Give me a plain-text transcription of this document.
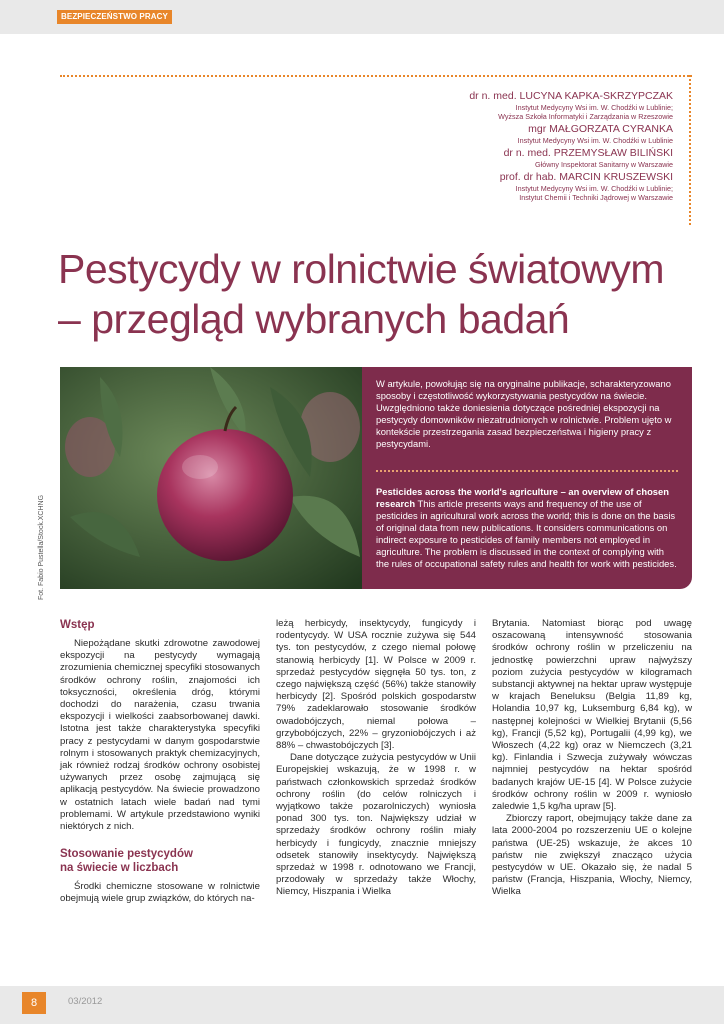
BEZPIECZEŃSTWO PRACY
dr n. med. LUCYNA KAPKA-SKRZYPCZAK
Instytut Medycyny Wsi im. W. Chodźki w Lublinie;
Wyższa Szkoła Informatyki i Zarządzania w Rzeszowie
mgr MAŁGORZATA CYRANKA
Instytut Medycyny Wsi im. W. Chodźki w Lublinie
dr n. med. PRZEMYSŁAW BILIŃSKI
Główny Inspektorat Sanitarny w Warszawie
prof. dr hab. MARCIN KRUSZEWSKI
Instytut Medycyny Wsi im. W. Chodźki w Lublinie;
Instytut Chemii i Techniki Jądrowej w Warszawie
Pestycydy w rolnictwie światowym
– przegląd wybranych badań
Fot. Fabio Pustella/Stock.XCHNG
W artykule, powołując się na oryginalne publikacje, scharakteryzowano sposoby i częstotliwość wykorzystywania pestycydów na świecie. Uwzględniono także doniesienia dotyczące pośredniej ekspozycji na pestycydy domowników niezatrudnionych w rolnictwie. Problem ujęto w kontekście przestrzegania zasad bezpieczeństwa i higieny pracy z pestycydami.
Pesticides across the world's agriculture – an overview of chosen research This article presents ways and frequency of the use of pesticides in agricultural work across the world; this is done on the basis of original data from new publications. It considers communications on indirect exposure to pesticides of family members not employed in agriculture. The problem is discussed in the context of complying with the rules of occupational safety rules and health for work with pesticides.
Wstęp

Niepożądane skutki zdrowotne zawodowej ekspozycji na pestycydy wymagają zrozumienia chemicznej specyfiki stosowanych środków ochrony roślin, znajomości ich toksyczności, określenia dróg, którymi dochodzi do narażenia, czasu trwania ekspozycji i wielkości zaabsorbowanej dawki. Istotna jest także charakterystyka specyfiki pracy z pestycydami w danym gospodarstwie rolnym i stosowanych praktyk chemizacyjnych, jak również rodzaj środków ochrony osobistej używanych przez osobę zajmującą się aplikacją pestycydów. Na świecie prowadzono w ostatnich latach wiele badań nad tymi problemami. W artykule przedstawiono wyniki niektórych z nich.

Stosowanie pestycydów
na świecie w liczbach

Środki chemiczne stosowane w rolnictwie obejmują wiele grup związków, do których na-

leżą herbicydy, insektycydy, fungicydy i rodentycydy. W USA rocznie zużywa się 544 tys. ton pestycydów, z czego niemal połowę stanowią herbicydy [1]. W Polsce w 2009 r. sprzedaż pestycydów sięgnęła 50 tys. ton, z czego największą część (56%) także stanowiły herbicydy [2]. Spośród polskich gospodarstw 79% zadeklarowało stosowanie środków owadobójczych, niemal połowa – grzybobójczych, 22% – gryzoniobójczych i aż 88% – chwastobójczych [3].

Dane dotyczące zużycia pestycydów w Unii Europejskiej wskazują, że w 1998 r. w państwach członkowskich sprzedaż środków ochrony roślin (do celów rolniczych i wyjątkowo także pozarolniczych) wyniosła ponad 300 tys. ton. Największy udział w sprzedaży środków ochrony roślin miały herbicydy i fungicydy, znacznie mniejszy odsetek stanowiły insektycydy. Największą sprzedaż w 1998 r. odnotowano we Francji, przodowały w sprzedaży także Włochy, Niemcy, Hiszpania i Wielka

Brytania. Natomiast biorąc pod uwagę oszacowaną intensywność stosowania środków ochrony roślin w przeliczeniu na jednostkę powierzchni upraw najwyższy poziom zużycia pestycydów w kilogramach substancji aktywnej na hektar upraw występuje w krajach Beneluksu (Belgia 11,89 kg, Holandia 10,97 kg, Luksemburg 6,84 kg), w następnej kolejności w Wielkiej Brytanii (5,56 kg), Francji (5,52 kg), Portugalii (4,99 kg), we Włoszech (4,22 kg) oraz w Niemczech (3,21 kg). Finlandia i Szwecja zużywały wówczas najmniej pestycydów na hektar spośród badanych krajów UE-15 [4]. W Polsce zużycie środków ochrony roślin w 2009 r. wyniosło zaledwie 1,5 kg/ha upraw [5].

Zbiorczy raport, obejmujący także dane za lata 2000-2004 po rozszerzeniu UE o kolejne państwa (UE-25) wskazuje, że akces 10 państw nie zwiększył znacząco użycia pestycydów w UE. Okazało się, że nadal 5 państw (Francja, Hiszpania, Włochy, Niemcy, Wielka

8	03/2012
